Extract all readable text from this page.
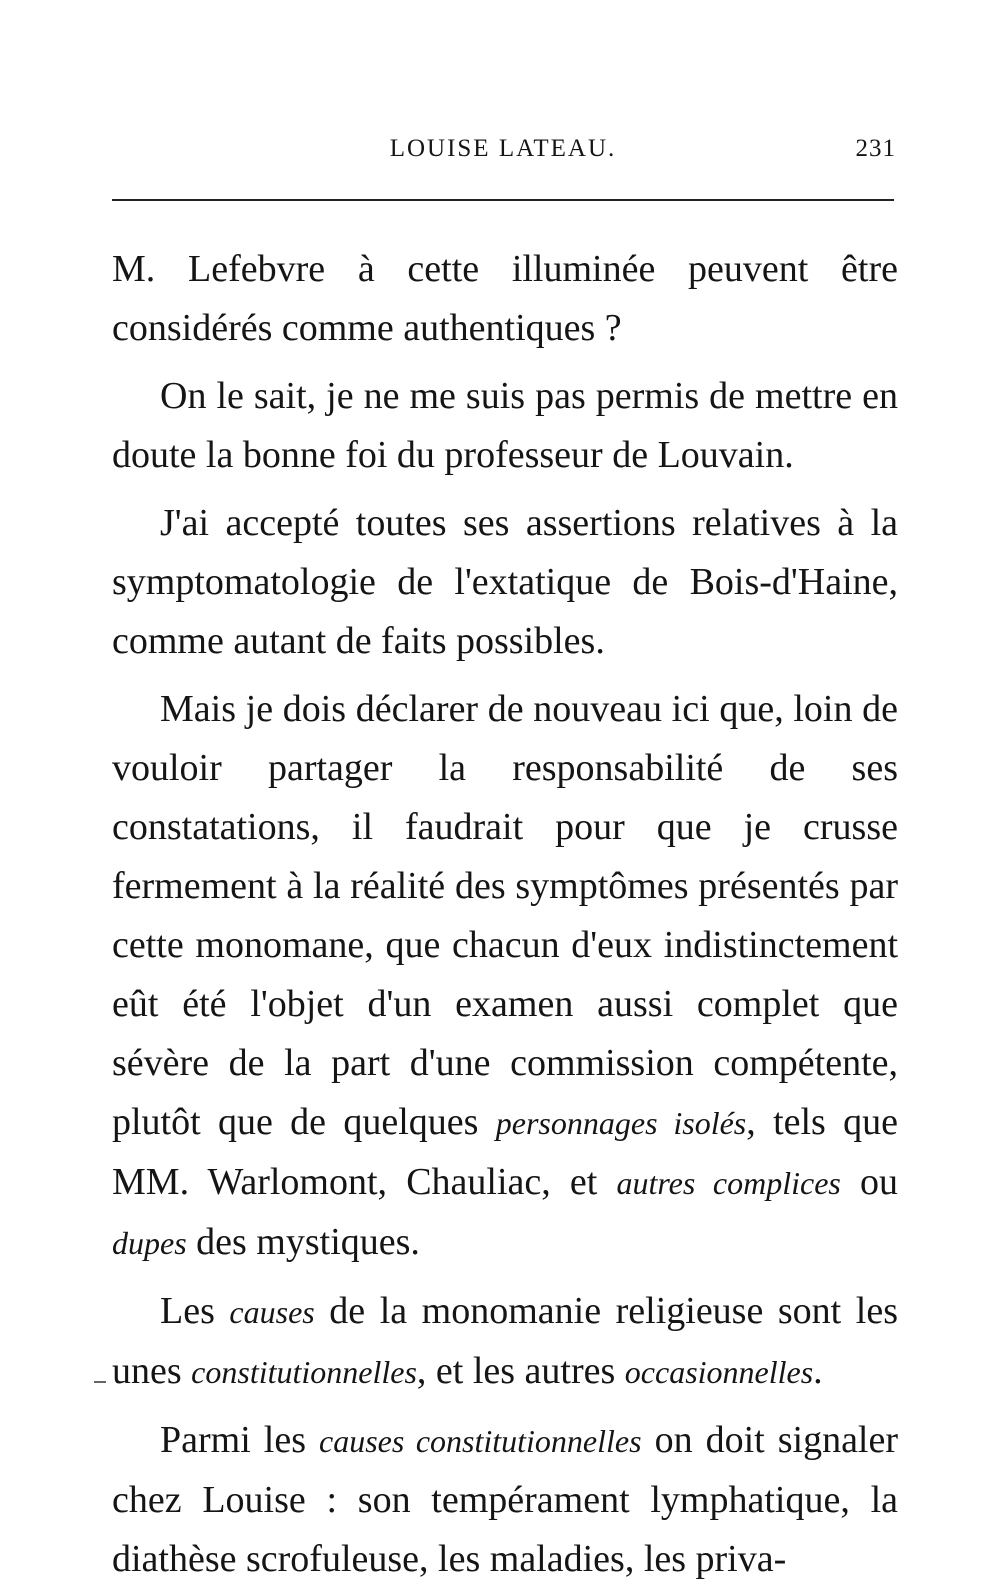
LOUISE LATEAU.	231

M. Lefebvre à cette illuminée peuvent être considérés comme authentiques ?

On le sait, je ne me suis pas permis de mettre en doute la bonne foi du professeur de Louvain.

J'ai accepté toutes ses assertions relatives à la symptomatologie de l'extatique de Bois-d'Haine, comme autant de faits possibles.

Mais je dois déclarer de nouveau ici que, loin de vouloir partager la responsabilité de ses constatations, il faudrait pour que je crusse fermement à la réalité des symptômes présentés par cette monomane, que chacun d'eux indistinctement eût été l'objet d'un examen aussi complet que sévère de la part d'une commission compétente, plutôt que de quelques personnages isolés, tels que MM. Warlomont, Chauliac, et autres complices ou dupes des mystiques.

Les causes de la monomanie religieuse sont les unes constitutionnelles, et les autres occasionnelles.

Parmi les causes constitutionnelles on doit signaler chez Louise : son tempérament lymphatique, la diathèse scrofuleuse, les maladies, les priva-
